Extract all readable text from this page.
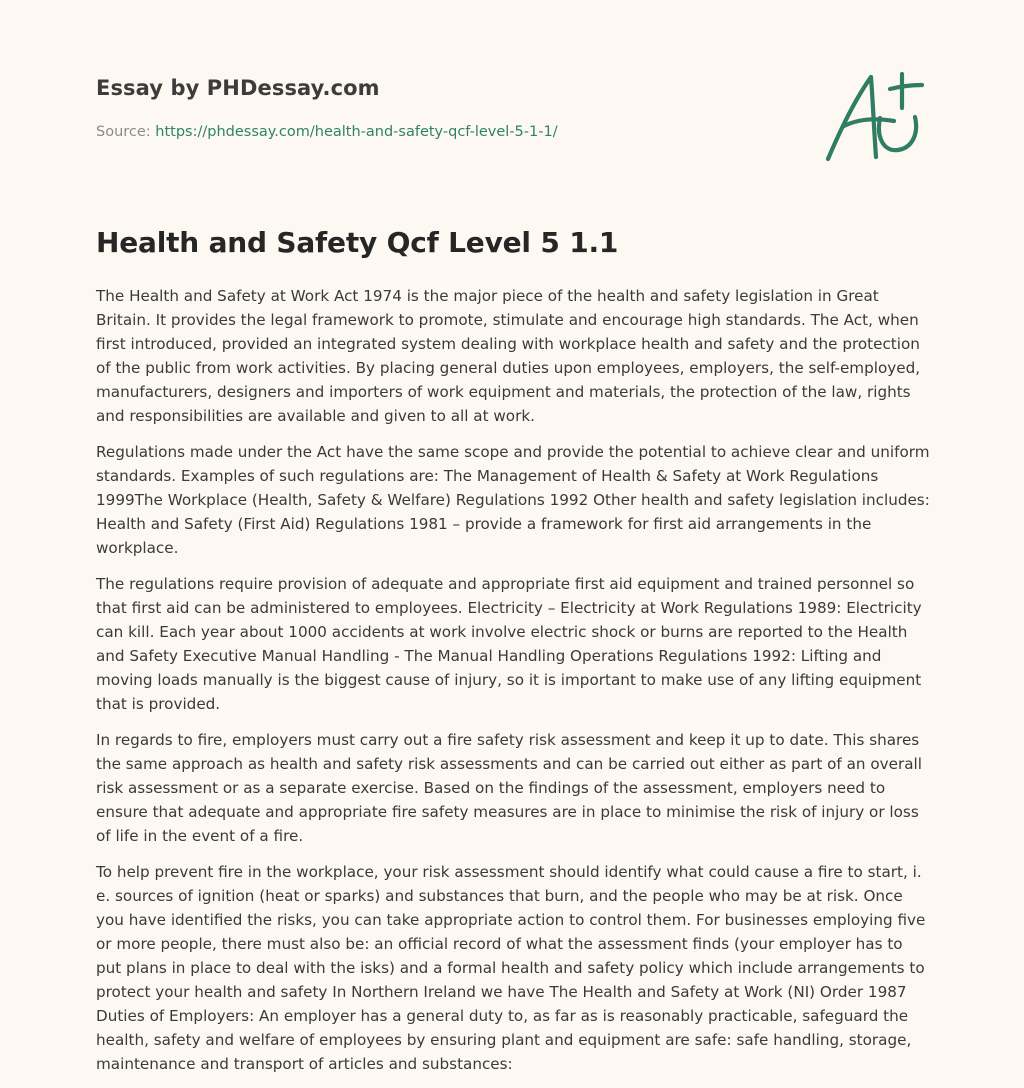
Essay by PHDessay.com
Source: https://phdessay.com/health-and-safety-qcf-level-5-1-1/
Health and Safety Qcf Level 5 1.1

The Health and Safety at Work Act 1974 is the major piece of the health and safety legislation in Great Britain. It provides the legal framework to promote, stimulate and encourage high standards. The Act, when first introduced, provided an integrated system dealing with workplace health and safety and the protection of the public from work activities. By placing general duties upon employees, employers, the self-employed, manufacturers, designers and importers of work equipment and materials, the protection of the law, rights and responsibilities are available and given to all at work.

Regulations made under the Act have the same scope and provide the potential to achieve clear and uniform standards. Examples of such regulations are: The Management of Health & Safety at Work Regulations 1999The Workplace (Health, Safety & Welfare) Regulations 1992 Other health and safety legislation includes: Health and Safety (First Aid) Regulations 1981 – provide a framework for first aid arrangements in the workplace.

The regulations require provision of adequate and appropriate first aid equipment and trained personnel so that first aid can be administered to employees. Electricity – Electricity at Work Regulations 1989: Electricity can kill. Each year about 1000 accidents at work involve electric shock or burns are reported to the Health and Safety Executive Manual Handling - The Manual Handling Operations Regulations 1992: Lifting and moving loads manually is the biggest cause of injury, so it is important to make use of any lifting equipment that is provided.

In regards to fire, employers must carry out a fire safety risk assessment and keep it up to date. This shares the same approach as health and safety risk assessments and can be carried out either as part of an overall risk assessment or as a separate exercise. Based on the findings of the assessment, employers need to ensure that adequate and appropriate fire safety measures are in place to minimise the risk of injury or loss of life in the event of a fire.

To help prevent fire in the workplace, your risk assessment should identify what could cause a fire to start, i. e. sources of ignition (heat or sparks) and substances that burn, and the people who may be at risk. Once you have identified the risks, you can take appropriate action to control them. For businesses employing five or more people, there must also be: an official record of what the assessment finds (your employer has to put plans in place to deal with the isks) and a formal health and safety policy which include arrangements to protect your health and safety In Northern Ireland we have The Health and Safety at Work (NI) Order 1987 Duties of Employers: An employer has a general duty to, as far as is reasonably practicable, safeguard the health, safety and welfare of employees by ensuring plant and equipment are safe: safe handling, storage, maintenance and transport of articles and substances:
